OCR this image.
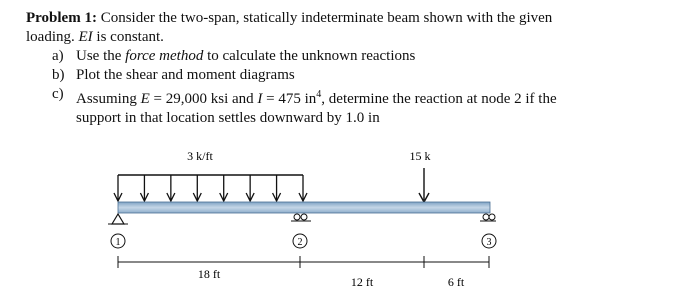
Problem 1: Consider the two-span, statically indeterminate beam shown with the given

loading. EI is constant.

a) Use the force method to calculate the unknown reactions
b) Plot the shear and moment diagrams
c) Assuming E = 29,000 ksi and I = 475 $in^4$, determine the reaction at node 2 if the
support in that location settles downward by 1.0 in
3 k/ft	15 k
1	2	3
18 ft
12 ft	6 ft
